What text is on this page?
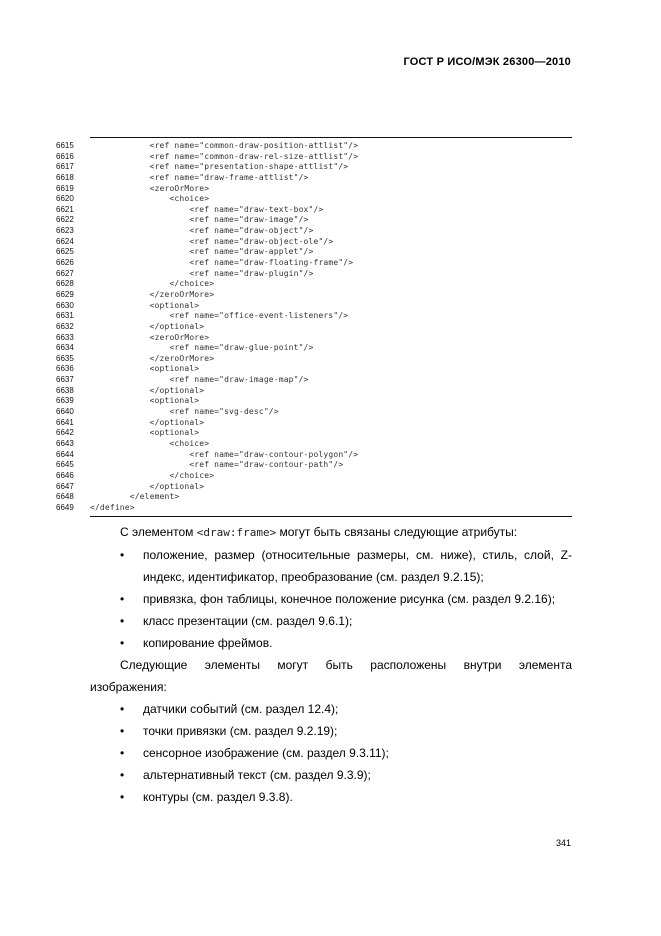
ГОСТ Р ИСО/МЭК 26300—2010
6615	<ref name="common-draw-position-attlist"/>
6616	<ref name="common-draw-rel-size-attlist"/>
6617	<ref name="presentation-shape-attlist"/>
6618	<ref name="draw-frame-attlist"/>
6619	<zeroOrMore>
6620	<choice>
6621	<ref name="draw-text-box"/>
6622	<ref name="draw-image"/>
6623	<ref name="draw-object"/>
6624	<ref name="draw-object-ole"/>
6625	<ref name="draw-applet"/>
6626	<ref name="draw-floating-frame"/>
6627	<ref name="draw-plugin"/>
6628	</choice>
6629	</zeroOrMore>
6630	<optional>
6631	<ref name="office-event-listeners"/>
6632	</optional>
6633	<zeroOrMore>
6634	<ref name="draw-glue-point"/>
6635	</zeroOrMore>
6636	<optional>
6637	<ref name="draw-image-map"/>
6638	</optional>
6639	<optional>
6640	<ref name="svg-desc"/>
6641	</optional>
6642	<optional>
6643	<choice>
6644	<ref name="draw-contour-polygon"/>
6645	<ref name="draw-contour-path"/>
6646	</choice>
6647	</optional>
6648	</element>
6649	</define>

С элементом <draw:frame> могут быть связаны следующие атрибуты:

• положение, размер (относительные размеры, см. ниже), стиль, слой, Z-индекс, идентификатор, преобразование (см. раздел 9.2.15);
• привязка, фон таблицы, конечное положение рисунка (см. раздел 9.2.16);
• класс презентации (см. раздел 9.6.1);
• копирование фреймов.

Следующие элементы могут быть расположены внутри элемента

изображения:

• датчики событий (см. раздел 12.4);
• точки привязки (см. раздел 9.2.19);
• сенсорное изображение (см. раздел 9.3.11);
• альтернативный текст (см. раздел 9.3.9);
• контуры (см. раздел 9.3.8).
341
